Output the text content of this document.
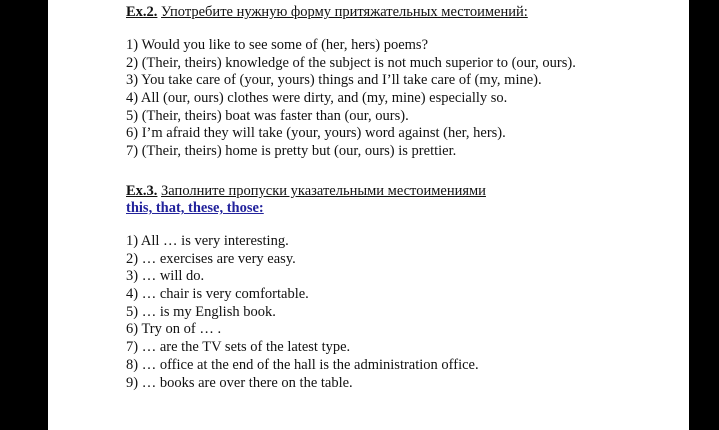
Ex.2. Употребите нужную форму притяжательных местоимений:
1) Would you like to see some of (her, hers) poems?
2) (Their, theirs) knowledge of the subject is not much superior to (our, ours).
3) You take care of (your, yours) things and I’ll take care of (my, mine).
4) All (our, ours) clothes were dirty, and (my, mine) especially so.
5) (Their, theirs) boat was faster than (our, ours).
6) I’m afraid they will take (your, yours) word against (her, hers).
7) (Their, theirs) home is pretty but (our, ours) is prettier.
Ex.3. Заполните пропуски указательными местоимениями
this, that, these, those:
1) All … is very interesting.
2) … exercises are very easy.
3) … will do.
4) … chair is very comfortable.
5) … is my English book.
6) Try on of … .
7) … are the TV sets of the latest type.
8) … office at the end of the hall is the administration office.
9) … books are over there on the table.
